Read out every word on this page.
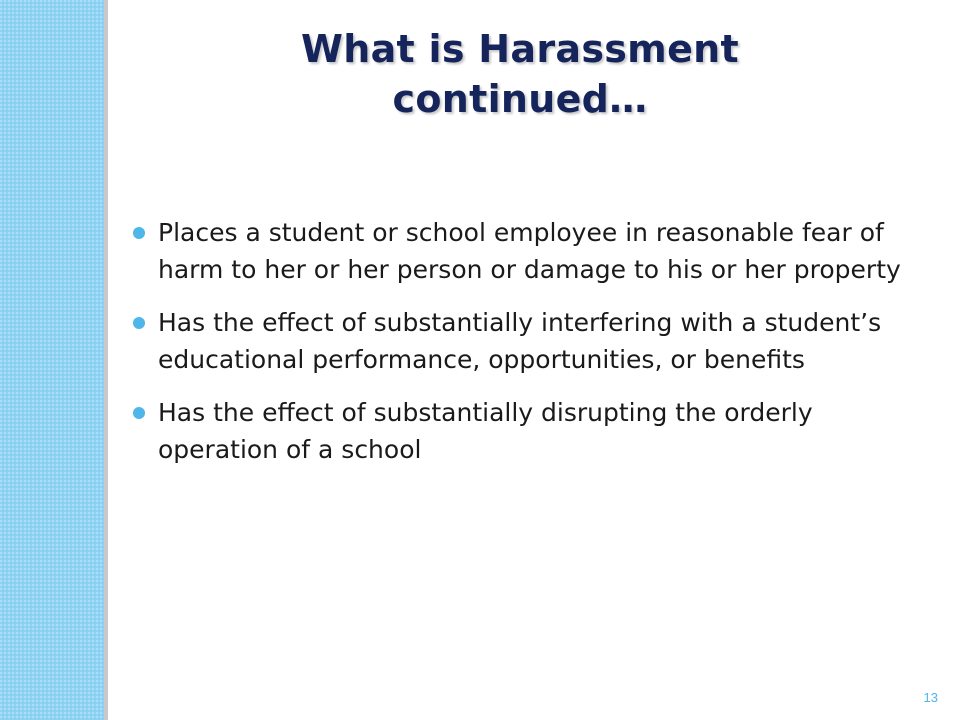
What is Harassment
continued…
Places a student or school employee in reasonable fear of harm to her or her person or damage to his or her property
Has the effect of substantially interfering with a student’s educational performance, opportunities, or benefits
Has the effect of substantially disrupting the orderly operation of a school
13
